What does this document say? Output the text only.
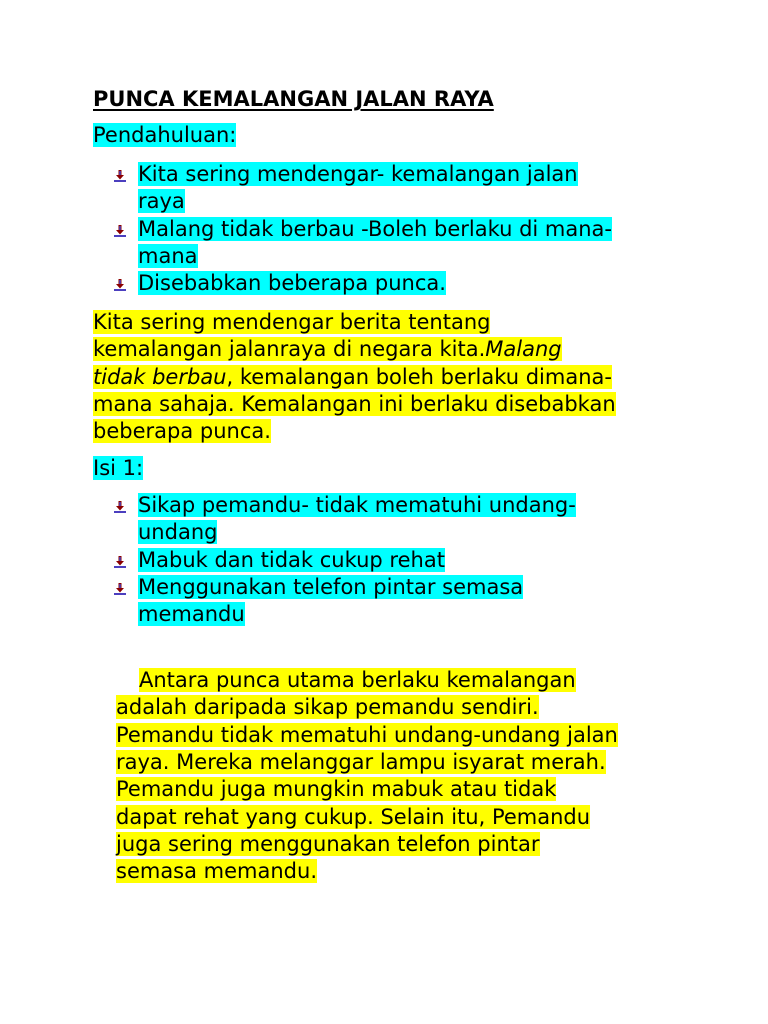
PUNCA KEMALANGAN JALAN RAYA
Pendahuluan:
Kita sering mendengar- kemalangan jalan
raya
Malang tidak berbau -Boleh berlaku di mana-
mana
Disebabkan beberapa punca.
Kita sering mendengar berita tentang
kemalangan jalanraya di negara kita.Malang
tidak berbau, kemalangan boleh berlaku dimana-
mana sahaja. Kemalangan ini berlaku disebabkan
beberapa punca.
Isi 1:
Sikap pemandu- tidak mematuhi undang-
undang
Mabuk dan tidak cukup rehat
Menggunakan telefon pintar semasa
memandu
Antara punca utama berlaku kemalangan
adalah daripada sikap pemandu sendiri.
Pemandu tidak mematuhi undang-undang jalan
raya. Mereka melanggar lampu isyarat merah.
Pemandu juga mungkin mabuk atau tidak
dapat rehat yang cukup. Selain itu, Pemandu
juga sering menggunakan telefon pintar
semasa memandu.
